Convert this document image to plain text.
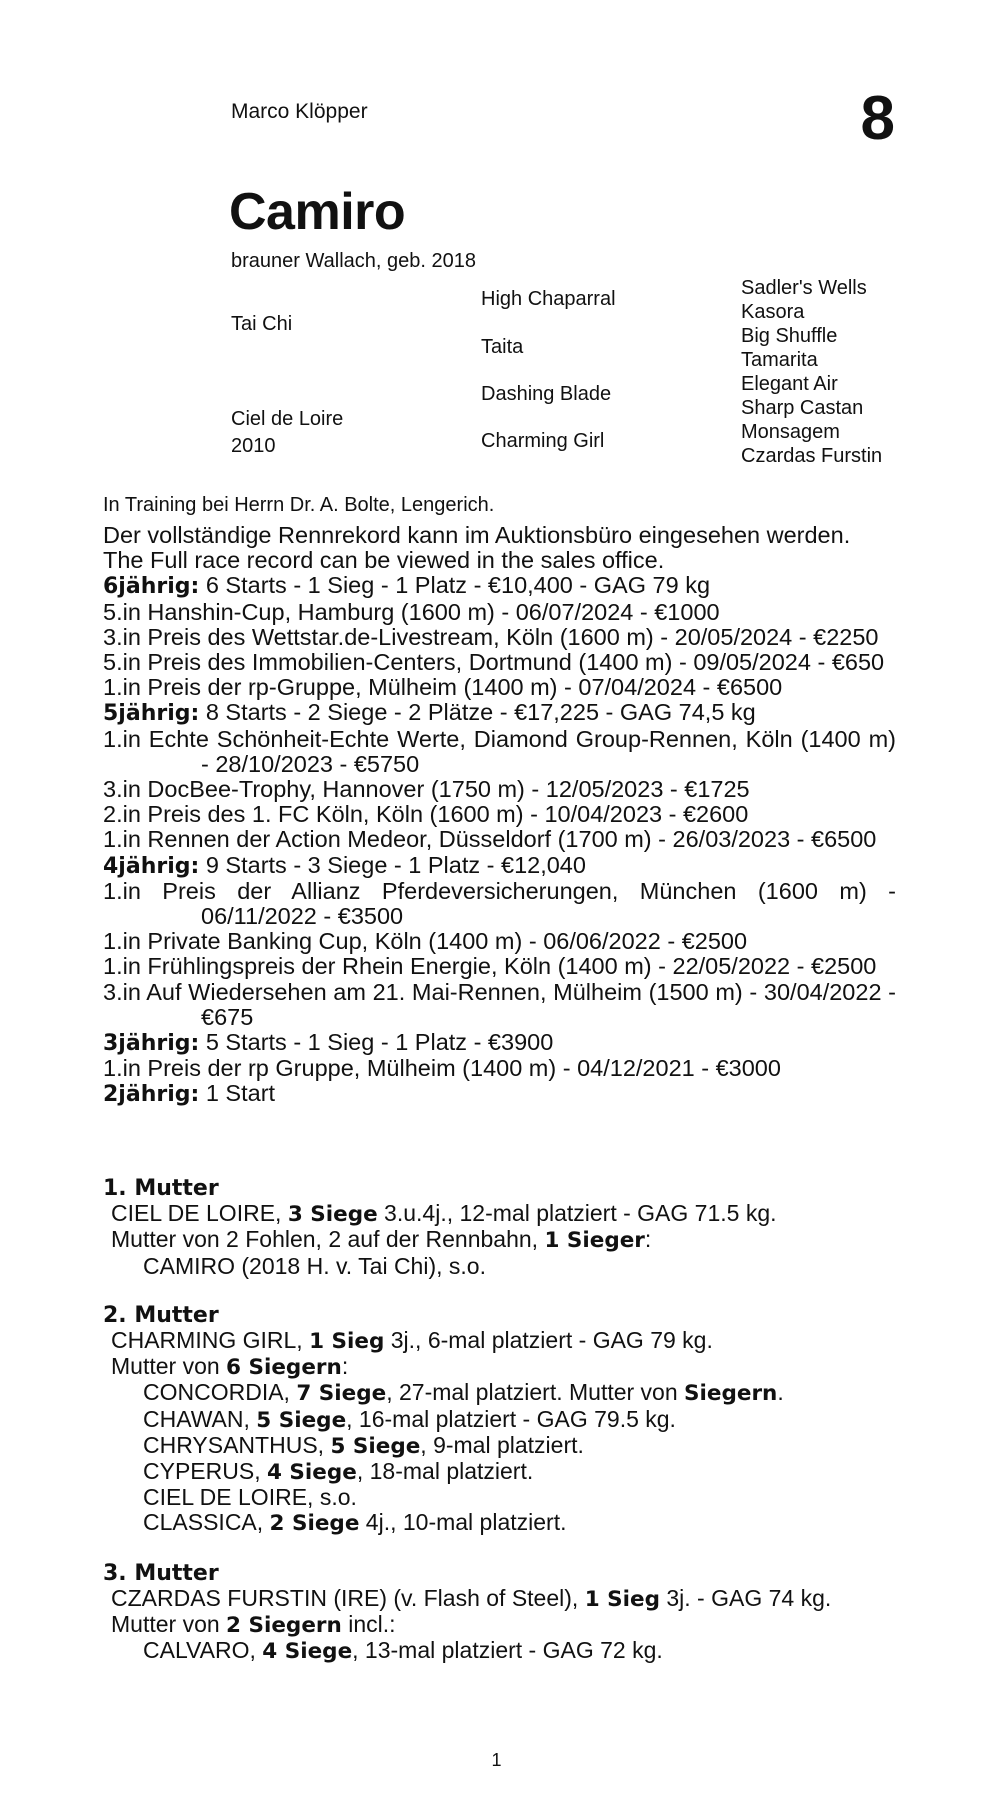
Marco Klöpper	8
Camiro
brauner Wallach, geb. 2018
Tai Chi
Ciel de Loire
2010
High Chaparral
Taita
Dashing Blade
Charming Girl
Sadler's Wells
Kasora
Big Shuffle
Tamarita
Elegant Air
Sharp Castan
Monsagem
Czardas Furstin
In Training bei Herrn Dr. A. Bolte, Lengerich.

Der vollständige Rennrekord kann im Auktionsbüro eingesehen werden.

The Full race record can be viewed in the sales office.

6jährig: 6 Starts - 1 Sieg - 1 Platz - €10,400 - GAG 79 kg

5.in Hanshin-Cup, Hamburg (1600 m) - 06/07/2024 - €1000

3.in Preis des Wettstar.de-Livestream, Köln (1600 m) - 20/05/2024 - €2250

5.in Preis des Immobilien-Centers, Dortmund (1400 m) - 09/05/2024 - €650

1.in Preis der rp-Gruppe, Mülheim (1400 m) - 07/04/2024 - €6500

5jährig: 8 Starts - 2 Siege - 2 Plätze - €17,225 - GAG 74,5 kg

1.in Echte Schönheit-Echte Werte, Diamond Group-Rennen, Köln (1400 m) - 28/10/2023 - €5750

3.in DocBee-Trophy, Hannover (1750 m) - 12/05/2023 - €1725

2.in Preis des 1. FC Köln, Köln (1600 m) - 10/04/2023 - €2600

1.in Rennen der Action Medeor, Düsseldorf (1700 m) - 26/03/2023 - €6500

4jährig: 9 Starts - 3 Siege - 1 Platz - €12,040

1.in Preis der Allianz Pferdeversicherungen, München (1600 m) - 06/11/2022 - €3500

1.in Private Banking Cup, Köln (1400 m) - 06/06/2022 - €2500

1.in Frühlingspreis der Rhein Energie, Köln (1400 m) - 22/05/2022 - €2500

3.in Auf Wiedersehen am 21. Mai-Rennen, Mülheim (1500 m) - 30/04/2022 - €675

3jährig: 5 Starts - 1 Sieg - 1 Platz - €3900

1.in Preis der rp Gruppe, Mülheim (1400 m) - 04/12/2021 - €3000

2jährig: 1 Start

1. Mutter

CIEL DE LOIRE, 3 Siege 3.u.4j., 12-mal platziert - GAG 71.5 kg.

Mutter von 2 Fohlen, 2 auf der Rennbahn, 1 Sieger:

CAMIRO (2018 H. v. Tai Chi), s.o.

2. Mutter

CHARMING GIRL, 1 Sieg 3j., 6-mal platziert - GAG 79 kg.

Mutter von 6 Siegern:

CONCORDIA, 7 Siege, 27-mal platziert. Mutter von Siegern.

CHAWAN, 5 Siege, 16-mal platziert - GAG 79.5 kg.

CHRYSANTHUS, 5 Siege, 9-mal platziert.

CYPERUS, 4 Siege, 18-mal platziert.

CIEL DE LOIRE, s.o.

CLASSICA, 2 Siege 4j., 10-mal platziert.

3. Mutter

CZARDAS FURSTIN (IRE) (v. Flash of Steel), 1 Sieg 3j. - GAG 74 kg.

Mutter von 2 Siegern incl.:

CALVARO, 4 Siege, 13-mal platziert - GAG 72 kg.

1
